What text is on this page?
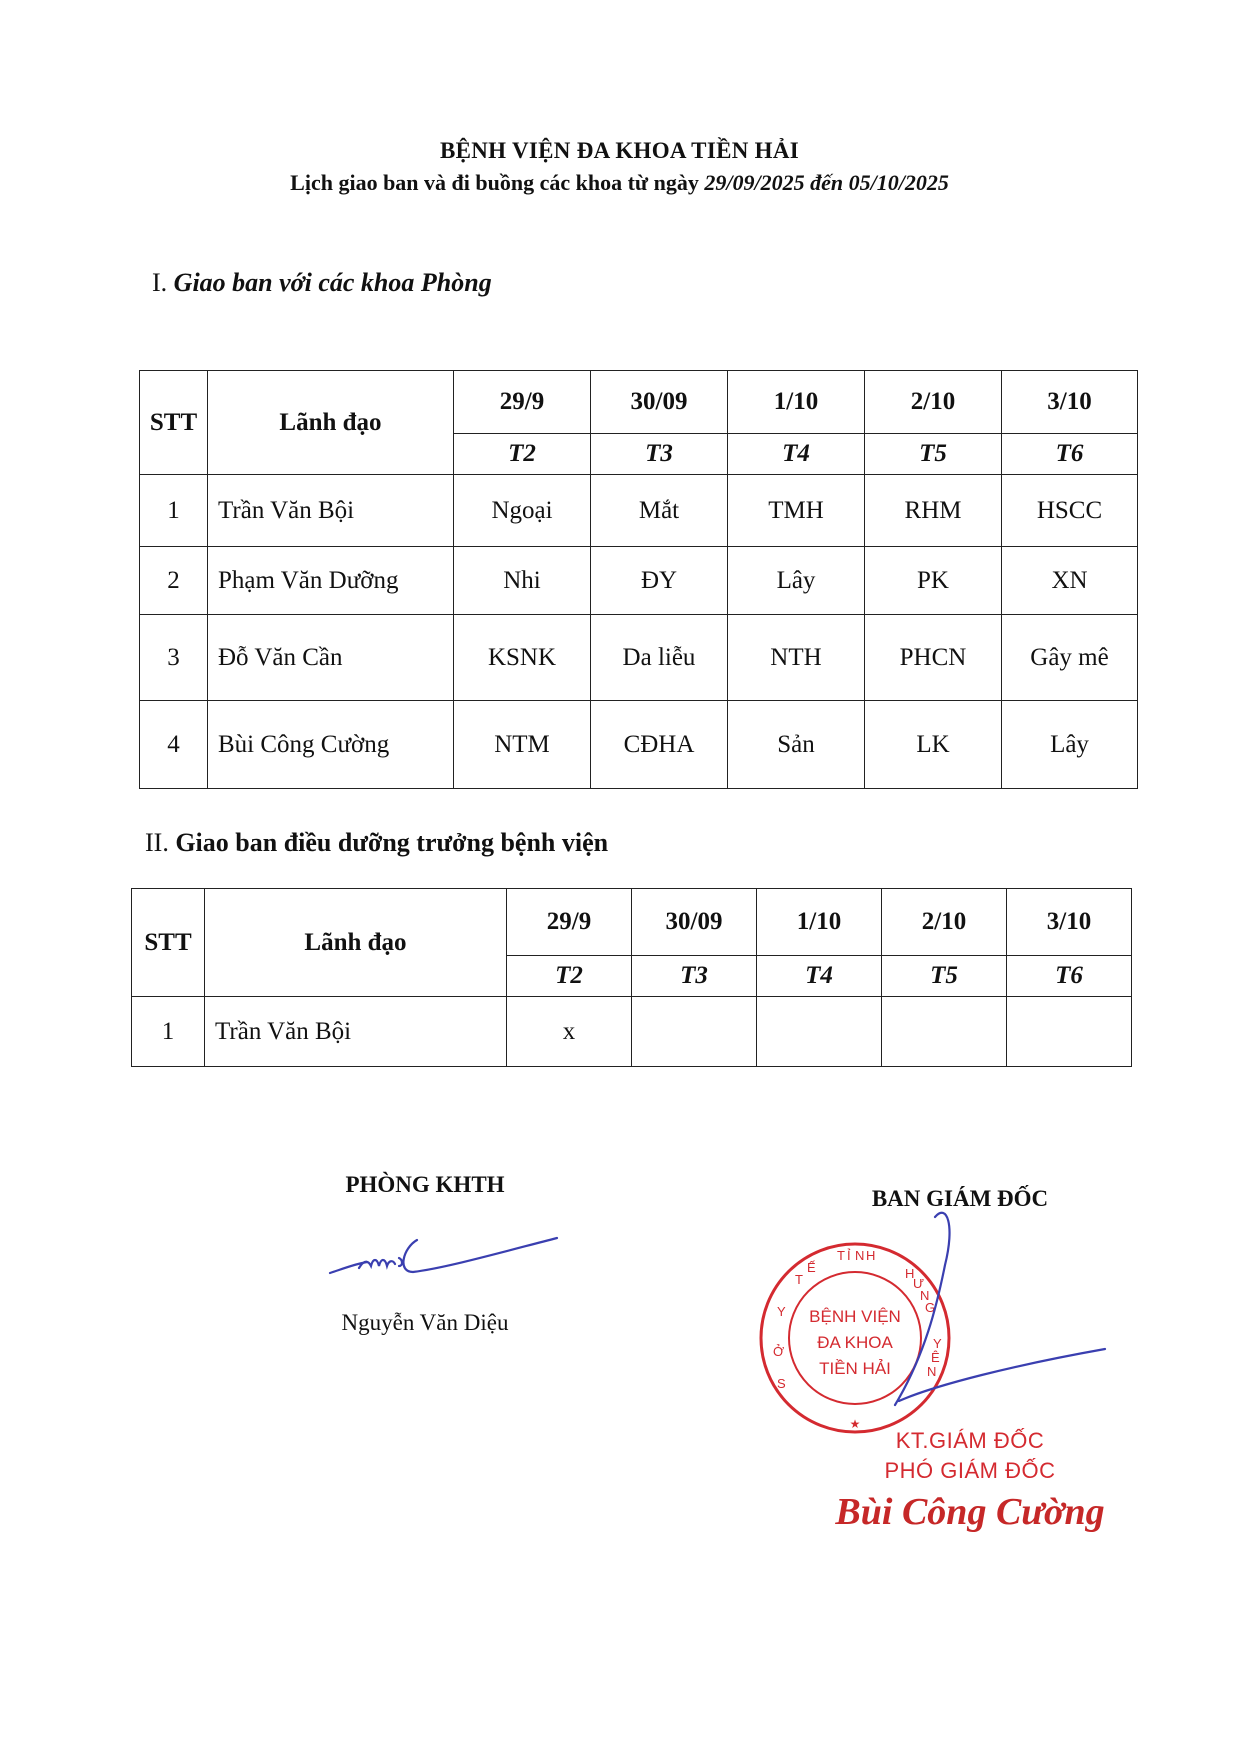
BỆNH VIỆN ĐA KHOA TIỀN HẢI
Lịch giao ban và đi buồng các khoa từ ngày 29/09/2025 đến 05/10/2025
I. Giao ban với các khoa Phòng
STT	Lãnh đạo	29/9	30/09	1/10	2/10	3/10
		T2	T3	T4	T5	T6
1	Trần Văn Bội	Ngoại	Mắt	TMH	RHM	HSCC
2	Phạm Văn Dưỡng	Nhi	ĐY	Lây	PK	XN
3	Đỗ Văn Cần	KSNK	Da liễu	NTH	PHCN	Gây mê
4	Bùi Công Cường	NTM	CĐHA	Sản	LK	Lây
II. Giao ban điều dưỡng trưởng bệnh viện
STT	Lãnh đạo	29/9	30/09	1/10	2/10	3/10
		T2	T3	T4	T5	T6
1	Trần Văn Bội	x				
PHÒNG KHTH
Nguyễn Văn Diệu
BAN GIÁM ĐỐC
BỆNH VIỆN
ĐA KHOA
TIỀN HẢI
★
SỞY TẾ T Ỉ N H H Ư N G Y Ê N
KT.GIÁM ĐỐC
PHÓ GIÁM ĐỐC
Bùi Công Cường
